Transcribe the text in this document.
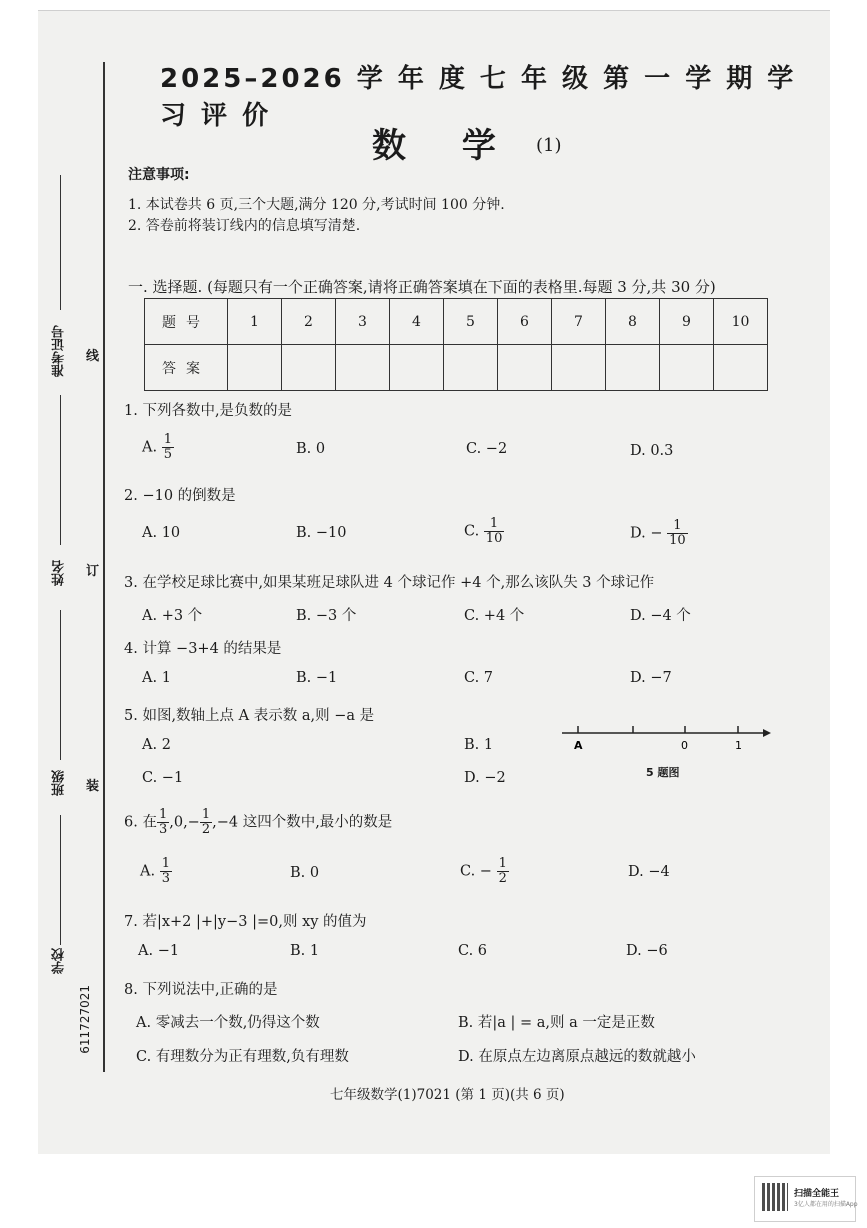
准考证号
姓名
班级
学校
611727021
线
订
装
2025–2026 学 年 度 七 年 级 第 一 学 期 学 习 评 价
数 学 (1)
注意事项:
1. 本试卷共 6 页,三个大题,满分 120 分,考试时间 100 分钟.
2. 答卷前将装订线内的信息填写清楚.
一. 选择题. (每题只有一个正确答案,请将正确答案填在下面的表格里.每题 3 分,共 30 分)
题号	1	2	3	4	5	6	7	8	9	10
答案										
1. 下列各数中,是负数的是
A. $\frac{1}{5}$	B. 0	C. −2	D. 0.3
2. −10 的倒数是
A. 10	B. −10	C. $\frac{1}{10}$	D. − $\frac{1}{10}$
3. 在学校足球比赛中,如果某班足球队进 4 个球记作 +4 个,那么该队失 3 个球记作
A. +3 个	B. −3 个	C. +4 个	D. −4 个
4. 计算 −3+4 的结果是
A. 1	B. −1	C. 7	D. −7
5. 如图,数轴上点 A 表示数 a,则 −a 是
A. 2	B. 1
C. −1	D. −2
A	0	1
5 题图
6. 在 $\frac{1}{3} ,0,- \frac{1}{2} ,-4$ 这四个数中,最小的数是
A. $\frac{1}{3}$	B. 0	C. − $\frac{1}{2}$	D. −4
7. 若|x+2 |+|y−3 |=0,则 xy 的值为
A. −1	B. 1	C. 6	D. −6
8. 下列说法中,正确的是
A. 零减去一个数,仍得这个数	B. 若|a | = a,则 a 一定是正数
C. 有理数分为正有理数,负有理数	D. 在原点左边离原点越远的数就越小
七年级数学(1)7021 (第 1 页)(共 6 页)
扫描全能王
3亿人都在用的扫描App
